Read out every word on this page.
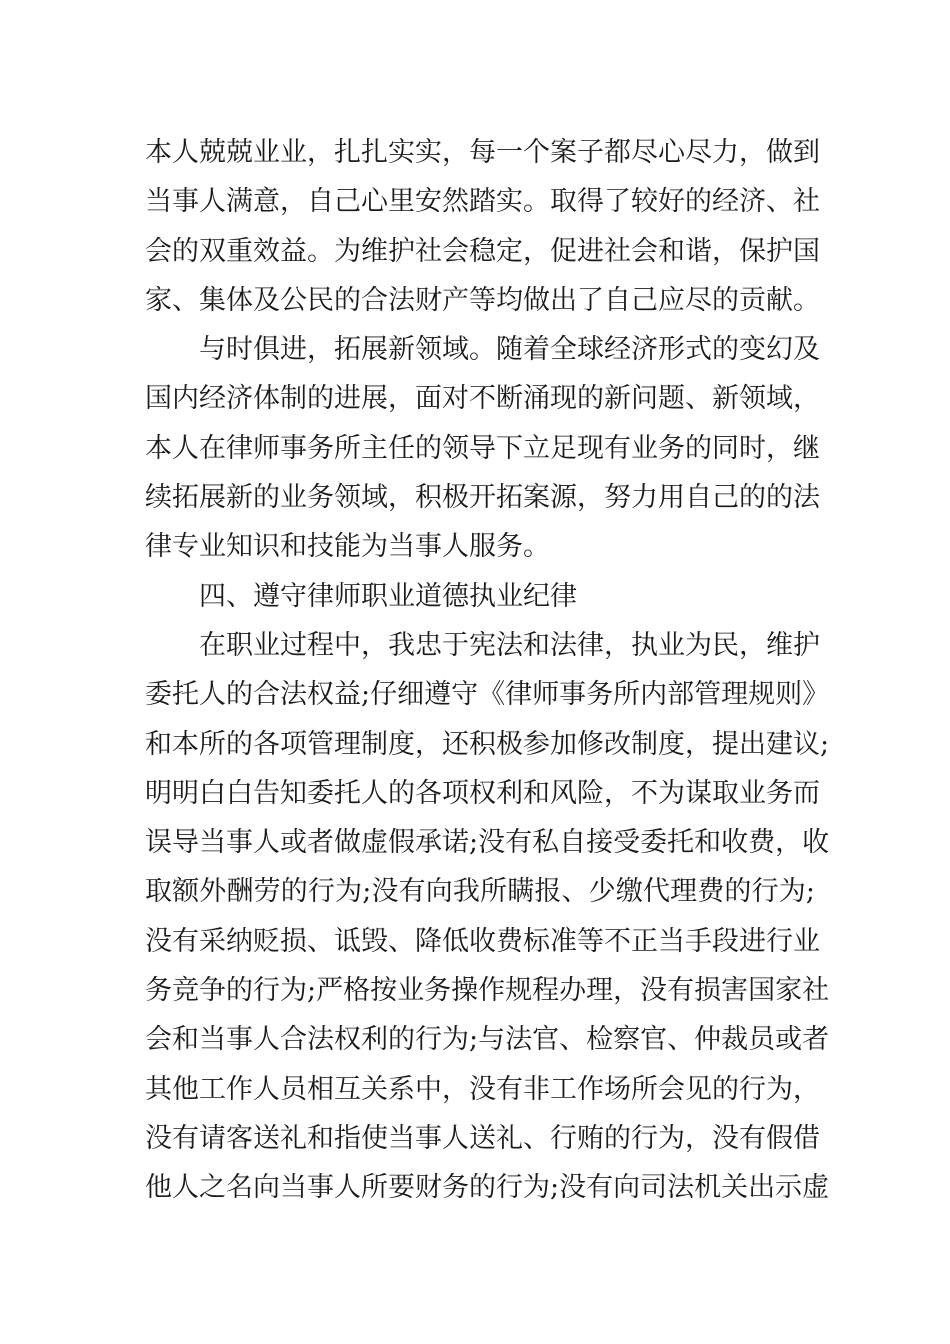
本人兢兢业业，扎扎实实，每一个案子都尽心尽力，做到
当事人满意，自己心里安然踏实。取得了较好的经济、社
会的双重效益。为维护社会稳定，促进社会和谐，保护国
家、集体及公民的合法财产等均做出了自己应尽的贡献。
与时俱进，拓展新领域。随着全球经济形式的变幻及
国内经济体制的进展，面对不断涌现的新问题、新领域，
本人在律师事务所主任的领导下立足现有业务的同时，继
续拓展新的业务领域，积极开拓案源，努力用自己的的法
律专业知识和技能为当事人服务。
四、遵守律师职业道德执业纪律
在职业过程中，我忠于宪法和法律，执业为民，维护
委托人的合法权益;仔细遵守《律师事务所内部管理规则》
和本所的各项管理制度，还积极参加修改制度，提出建议;
明明白白告知委托人的各项权利和风险，不为谋取业务而
误导当事人或者做虚假承诺;没有私自接受委托和收费，收
取额外酬劳的行为;没有向我所瞒报、少缴代理费的行为;
没有采纳贬损、诋毁、降低收费标准等不正当手段进行业
务竞争的行为;严格按业务操作规程办理，没有损害国家社
会和当事人合法权利的行为;与法官、检察官、仲裁员或者
其他工作人员相互关系中，没有非工作场所会见的行为，
没有请客送礼和指使当事人送礼、行贿的行为，没有假借
他人之名向当事人所要财务的行为;没有向司法机关出示虚
